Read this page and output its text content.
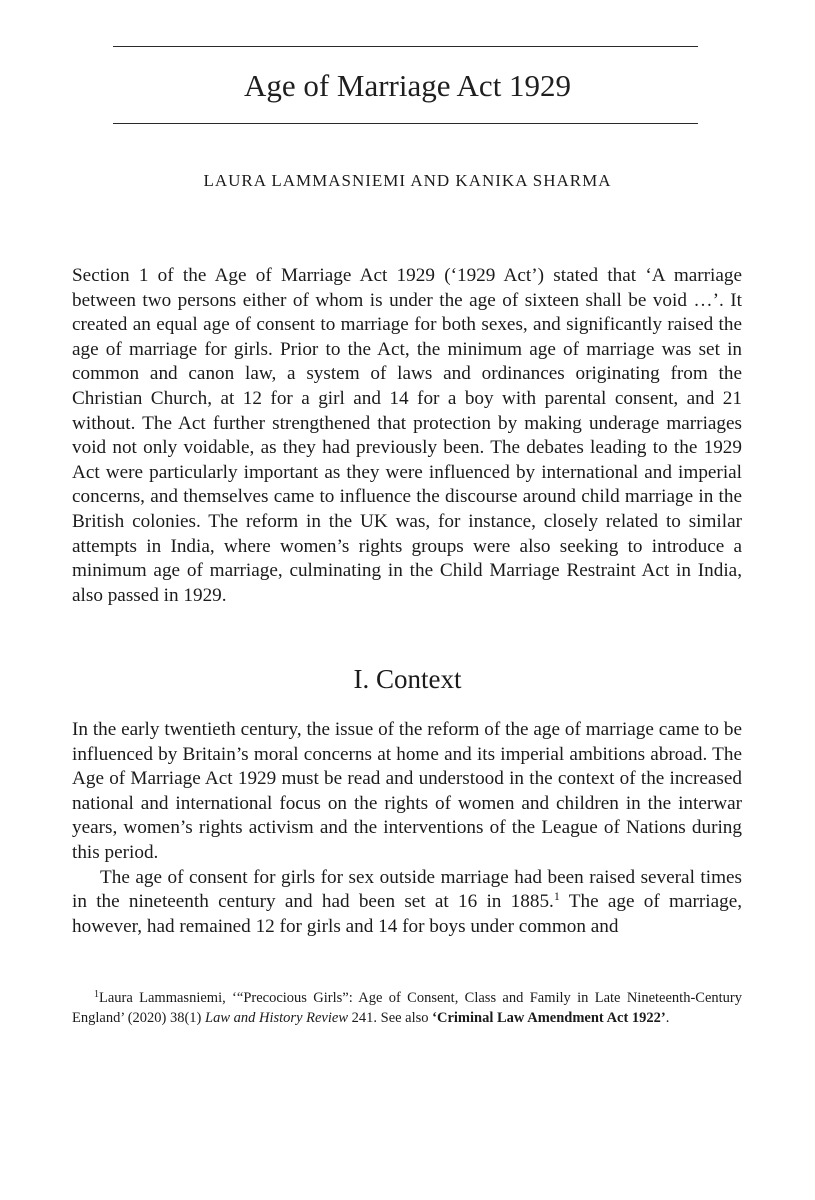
Age of Marriage Act 1929
LAURA LAMMASNIEMI AND KANIKA SHARMA

Section 1 of the Age of Marriage Act 1929 (‘1929 Act’) stated that ‘A marriage between two persons either of whom is under the age of sixteen shall be void …’. It created an equal age of consent to marriage for both sexes, and significantly raised the age of marriage for girls. Prior to the Act, the minimum age of marriage was set in common and canon law, a system of laws and ordinances originating from the Christian Church, at 12 for a girl and 14 for a boy with parental consent, and 21 without. The Act further strengthened that protection by making underage marriages void not only voidable, as they had previously been. The debates leading to the 1929 Act were particularly important as they were influenced by international and imperial concerns, and themselves came to influence the discourse around child marriage in the British colonies. The reform in the UK was, for instance, closely related to similar attempts in India, where women’s rights groups were also seeking to introduce a minimum age of marriage, culminating in the Child Marriage Restraint Act in India, also passed in 1929.

I. Context

In the early twentieth century, the issue of the reform of the age of marriage came to be influenced by Britain’s moral concerns at home and its imperial ambitions abroad. The Age of Marriage Act 1929 must be read and understood in the context of the increased national and international focus on the rights of women and children in the interwar years, women’s rights activism and the interventions of the League of Nations during this period.

The age of consent for girls for sex outside marriage had been raised several times in the nineteenth century and had been set at 16 in 1885.$^1$ The age of marriage, however, had remained 12 for girls and 14 for boys under common and

$^1$Laura Lammasniemi, ‘“Precocious Girls”: Age of Consent, Class and Family in Late Nineteenth-Century England’ (2020) 38(1) Law and History Review 241. See also ‘Criminal Law Amendment Act 1922’.
